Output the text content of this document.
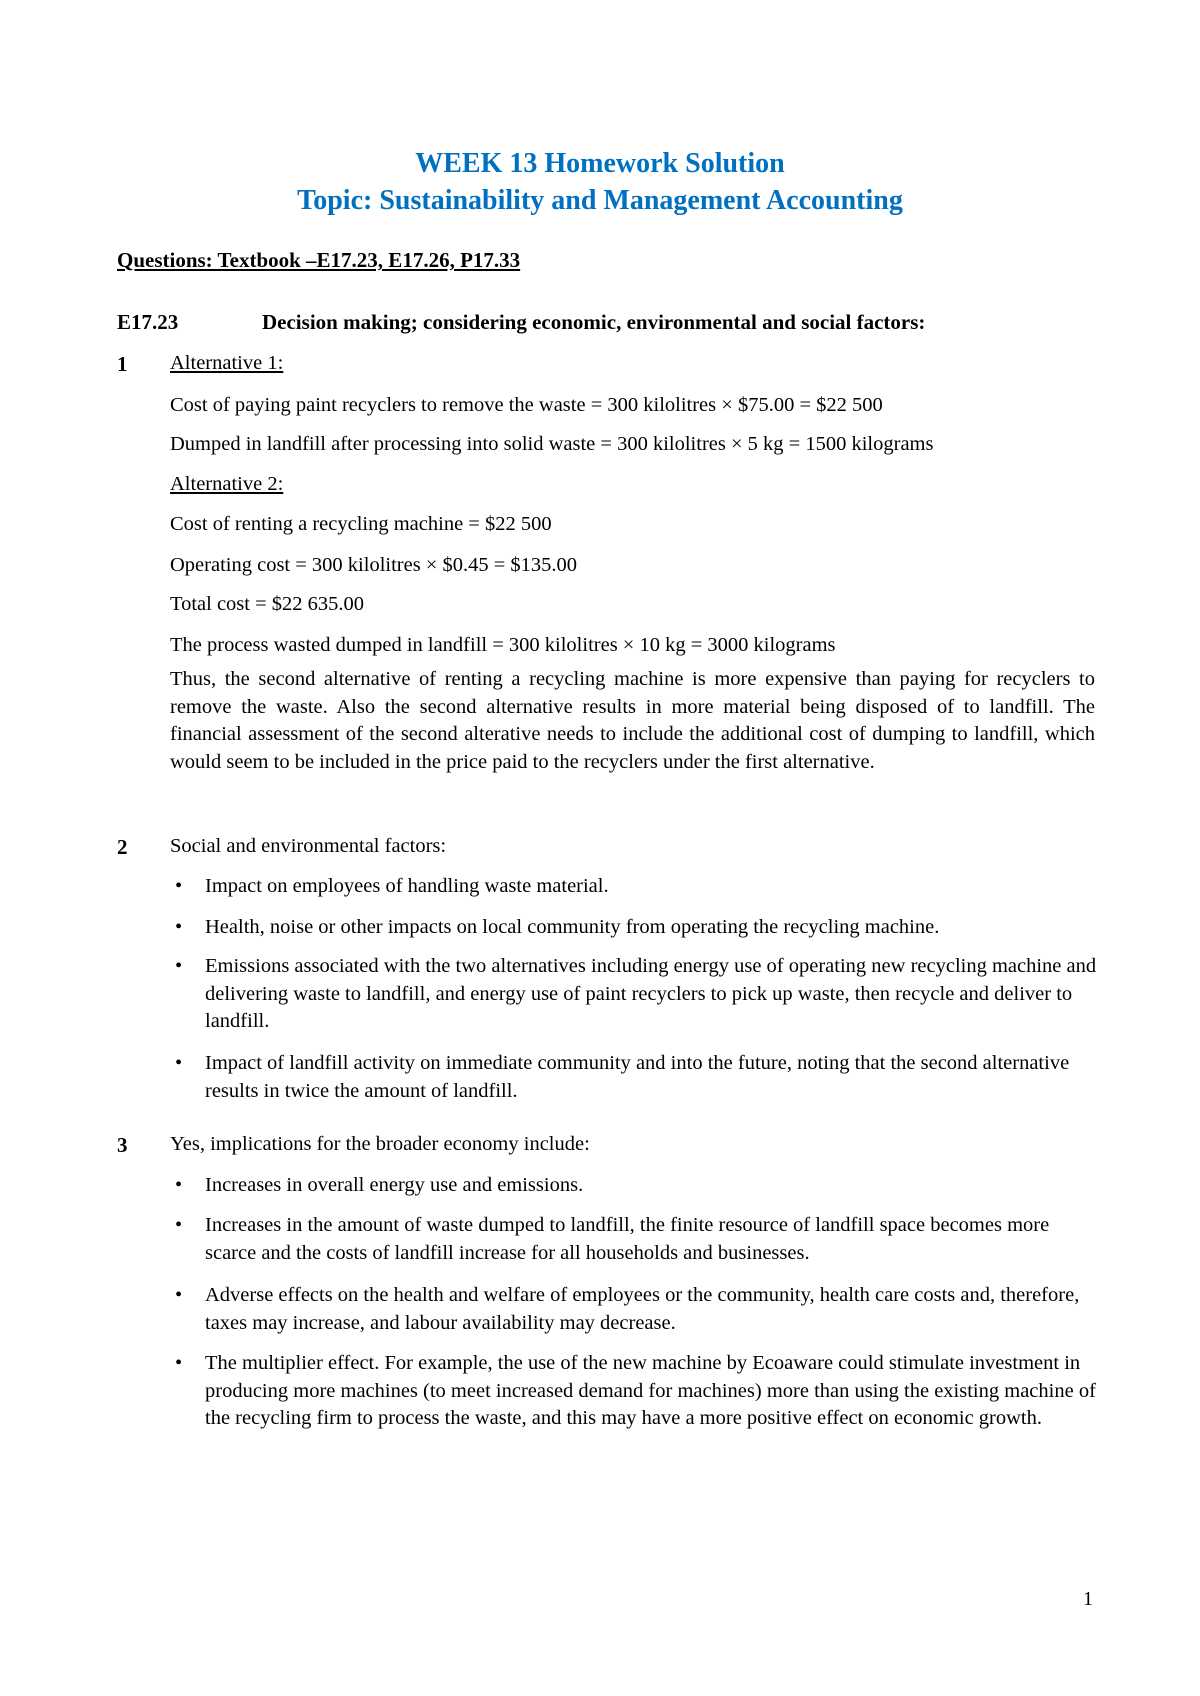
WEEK 13 Homework Solution
Topic: Sustainability and Management Accounting
Questions: Textbook –E17.23, E17.26, P17.33
E17.23	Decision making; considering economic, environmental and social factors:
1 Alternative 1:
Cost of paying paint recyclers to remove the waste = 300 kilolitres × $75.00 = $22 500
Dumped in landfill after processing into solid waste = 300 kilolitres × 5 kg = 1500 kilograms
Alternative 2:
Cost of renting a recycling machine = $22 500
Operating cost = 300 kilolitres × $0.45 = $135.00
Total cost = $22 635.00
The process wasted dumped in landfill = 300 kilolitres × 10 kg = 3000 kilograms
Thus, the second alternative of renting a recycling machine is more expensive than paying for recyclers to remove the waste. Also the second alternative results in more material being disposed of to landfill. The financial assessment of the second alterative needs to include the additional cost of dumping to landfill, which would seem to be included in the price paid to the recyclers under the first alternative.
2 Social and environmental factors:
• Impact on employees of handling waste material.
• Health, noise or other impacts on local community from operating the recycling machine.
• Emissions associated with the two alternatives including energy use of operating new recycling machine and delivering waste to landfill, and energy use of paint recyclers to pick up waste, then recycle and deliver to landfill.
• Impact of landfill activity on immediate community and into the future, noting that the second alternative results in twice the amount of landfill.
3 Yes, implications for the broader economy include:
• Increases in overall energy use and emissions.
• Increases in the amount of waste dumped to landfill, the finite resource of landfill space becomes more scarce and the costs of landfill increase for all households and businesses.
• Adverse effects on the health and welfare of employees or the community, health care costs and, therefore, taxes may increase, and labour availability may decrease.
• The multiplier effect. For example, the use of the new machine by Ecoaware could stimulate investment in producing more machines (to meet increased demand for machines) more than using the existing machine of the recycling firm to process the waste, and this may have a more positive effect on economic growth.
1
